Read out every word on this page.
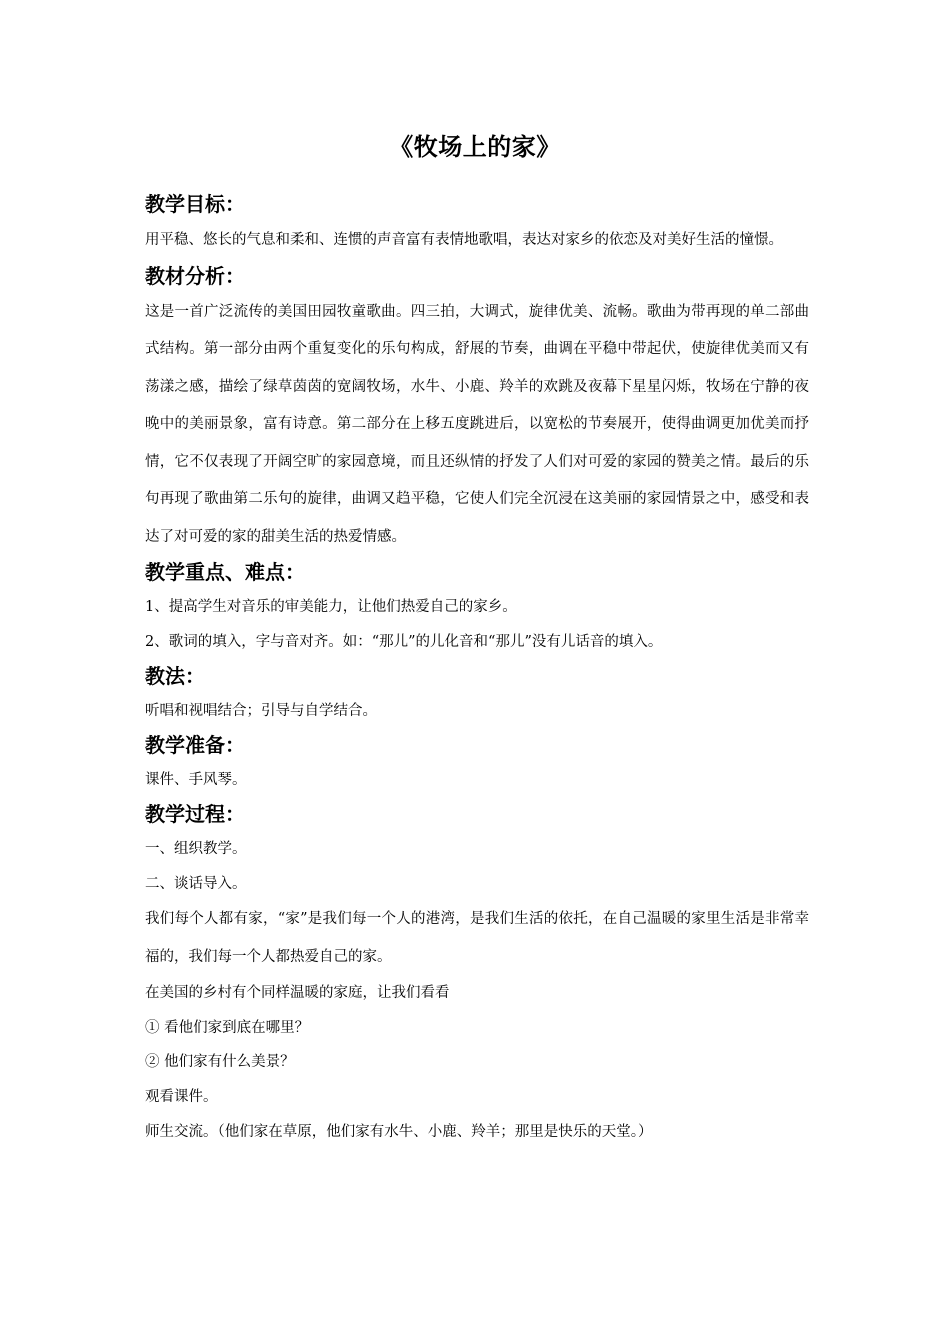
《牧场上的家》
教学目标：

用平稳、悠长的气息和柔和、连惯的声音富有表情地歌唱，表达对家乡的依恋及对美好生活的憧憬。

教材分析：

这是一首广泛流传的美国田园牧童歌曲。四三拍，大调式，旋律优美、流畅。歌曲为带再现的单二部曲式结构。第一部分由两个重复变化的乐句构成，舒展的节奏，曲调在平稳中带起伏，使旋律优美而又有荡漾之感，描绘了绿草茵茵的宽阔牧场，水牛、小鹿、羚羊的欢跳及夜幕下星星闪烁，牧场在宁静的夜晚中的美丽景象，富有诗意。第二部分在上移五度跳进后，以宽松的节奏展开，使得曲调更加优美而抒情，它不仅表现了开阔空旷的家园意境，而且还纵情的抒发了人们对可爱的家园的赞美之情。最后的乐句再现了歌曲第二乐句的旋律，曲调又趋平稳，它使人们完全沉浸在这美丽的家园情景之中，感受和表达了对可爱的家的甜美生活的热爱情感。

教学重点、难点：

1、提高学生对音乐的审美能力，让他们热爱自己的家乡。

2、歌词的填入，字与音对齐。如：“那儿”的儿化音和“那儿”没有儿话音的填入。

教法：

听唱和视唱结合；引导与自学结合。

教学准备：

课件、手风琴。

教学过程：

一、组织教学。

二、谈话导入。

我们每个人都有家，“家”是我们每一个人的港湾，是我们生活的依托，在自己温暖的家里生活是非常幸福的，我们每一个人都热爱自己的家。

在美国的乡村有个同样温暖的家庭，让我们看看

① 看他们家到底在哪里？

② 他们家有什么美景？

观看课件。

师生交流。（他们家在草原，他们家有水牛、小鹿、羚羊；那里是快乐的天堂。）
